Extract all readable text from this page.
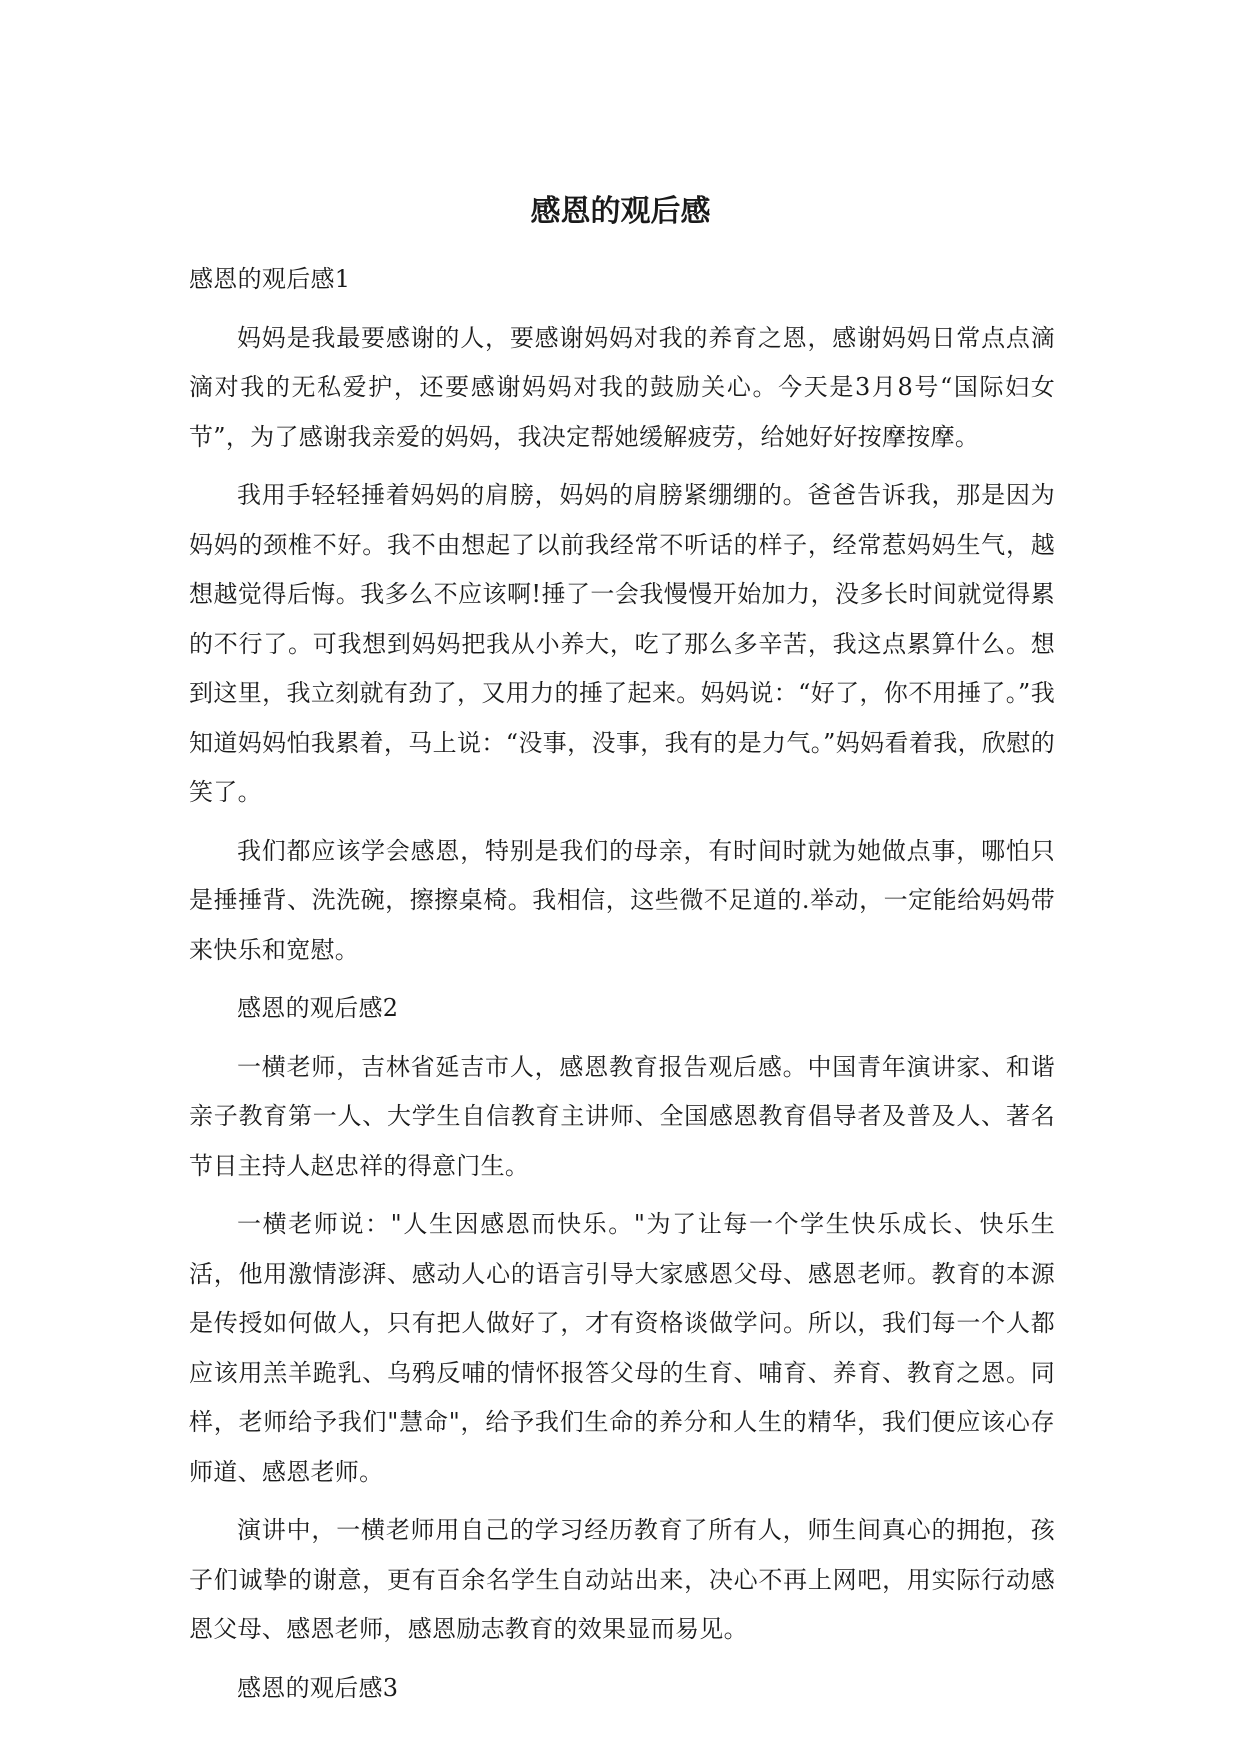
感恩的观后感

感恩的观后感1

妈妈是我最要感谢的人，要感谢妈妈对我的养育之恩，感谢妈妈日常点点滴滴对我的无私爱护，还要感谢妈妈对我的鼓励关心。今天是3月8号“国际妇女节”，为了感谢我亲爱的妈妈，我决定帮她缓解疲劳，给她好好按摩按摩。

我用手轻轻捶着妈妈的肩膀，妈妈的肩膀紧绷绷的。爸爸告诉我，那是因为妈妈的颈椎不好。我不由想起了以前我经常不听话的样子，经常惹妈妈生气，越想越觉得后悔。我多么不应该啊!捶了一会我慢慢开始加力，没多长时间就觉得累的不行了。可我想到妈妈把我从小养大，吃了那么多辛苦，我这点累算什么。想到这里，我立刻就有劲了，又用力的捶了起来。妈妈说：“好了，你不用捶了。”我知道妈妈怕我累着，马上说：“没事，没事，我有的是力气。”妈妈看着我，欣慰的笑了。

我们都应该学会感恩，特别是我们的母亲，有时间时就为她做点事，哪怕只是捶捶背、洗洗碗，擦擦桌椅。我相信，这些微不足道的.举动，一定能给妈妈带来快乐和宽慰。

感恩的观后感2

一横老师，吉林省延吉市人，感恩教育报告观后感。中国青年演讲家、和谐亲子教育第一人、大学生自信教育主讲师、全国感恩教育倡导者及普及人、著名节目主持人赵忠祥的得意门生。

一横老师说："人生因感恩而快乐。"为了让每一个学生快乐成长、快乐生活，他用激情澎湃、感动人心的语言引导大家感恩父母、感恩老师。教育的本源是传授如何做人，只有把人做好了，才有资格谈做学问。所以，我们每一个人都应该用羔羊跪乳、乌鸦反哺的情怀报答父母的生育、哺育、养育、教育之恩。同样，老师给予我们"慧命"，给予我们生命的养分和人生的精华，我们便应该心存师道、感恩老师。

演讲中，一横老师用自己的学习经历教育了所有人，师生间真心的拥抱，孩子们诚挚的谢意，更有百余名学生自动站出来，决心不再上网吧，用实际行动感恩父母、感恩老师，感恩励志教育的效果显而易见。

感恩的观后感3
